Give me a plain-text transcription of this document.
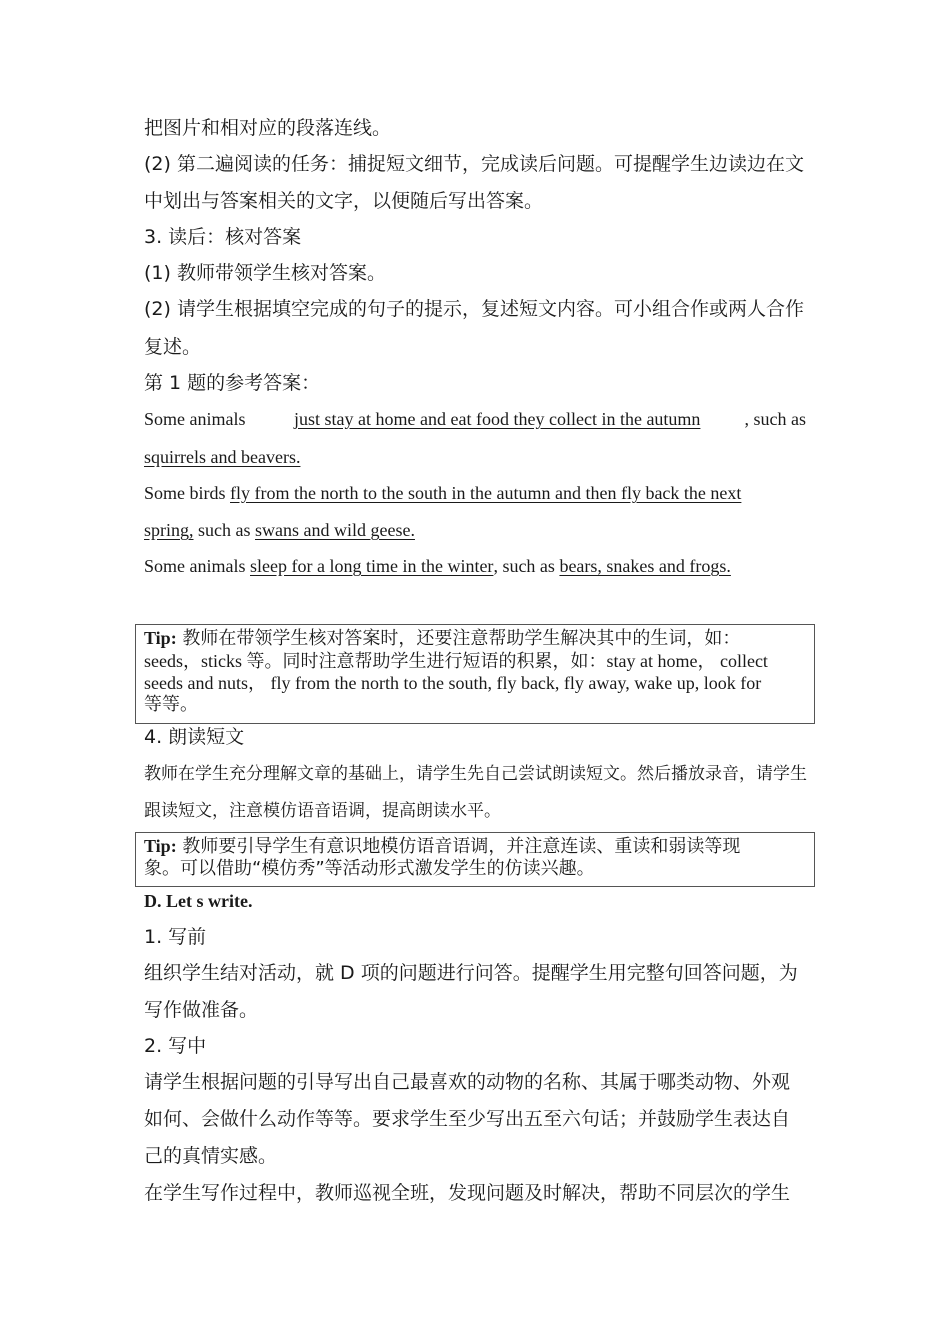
把图片和相对应的段落连线。
(2) 第二遍阅读的任务：捕捉短文细节，完成读后问题。可提醒学生边读边在文
中划出与答案相关的文字，以便随后写出答案。
3. 读后：核对答案
(1) 教师带领学生核对答案。
(2) 请学生根据填空完成的句子的提示，复述短文内容。可小组合作或两人合作
复述。
第 1 题的参考答案：
Some animals just stay at home and eat food they collect in the autumn , such as
squirrels and beavers.
Some birds fly from the north to the south in the autumn and then fly back the next
spring, such as swans and wild geese.
Some animals sleep for a long time in the winter , such as bears, snakes and frogs.
4. 朗读短文
教师在学生充分理解文章的基础上，请学生先自己尝试朗读短文。然后播放录音，请学生
跟读短文，注意模仿语音语调，提高朗读水平。
D. Let s write.
1. 写前
组织学生结对活动，就 D 项的问题进行问答。提醒学生用完整句回答问题，为
写作做准备。
2. 写中
请学生根据问题的引导写出自己最喜欢的动物的名称、其属于哪类动物、外观
如何、会做什么动作等等。要求学生至少写出五至六句话；并鼓励学生表达自
己的真情实感。
在学生写作过程中，教师巡视全班，发现问题及时解决，帮助不同层次的学生
Tip: 教师在带领学生核对答案时，还要注意帮助学生解决其中的生词，如：
seeds，sticks 等。同时注意帮助学生进行短语的积累，如：stay at home， collect
seeds and nuts， fly from the north to the south, fly back, fly away, wake up, look for
等等。
Tip: 教师要引导学生有意识地模仿语音语调，并注意连读、重读和弱读等现
象。可以借助“模仿秀”等活动形式激发学生的仿读兴趣。
